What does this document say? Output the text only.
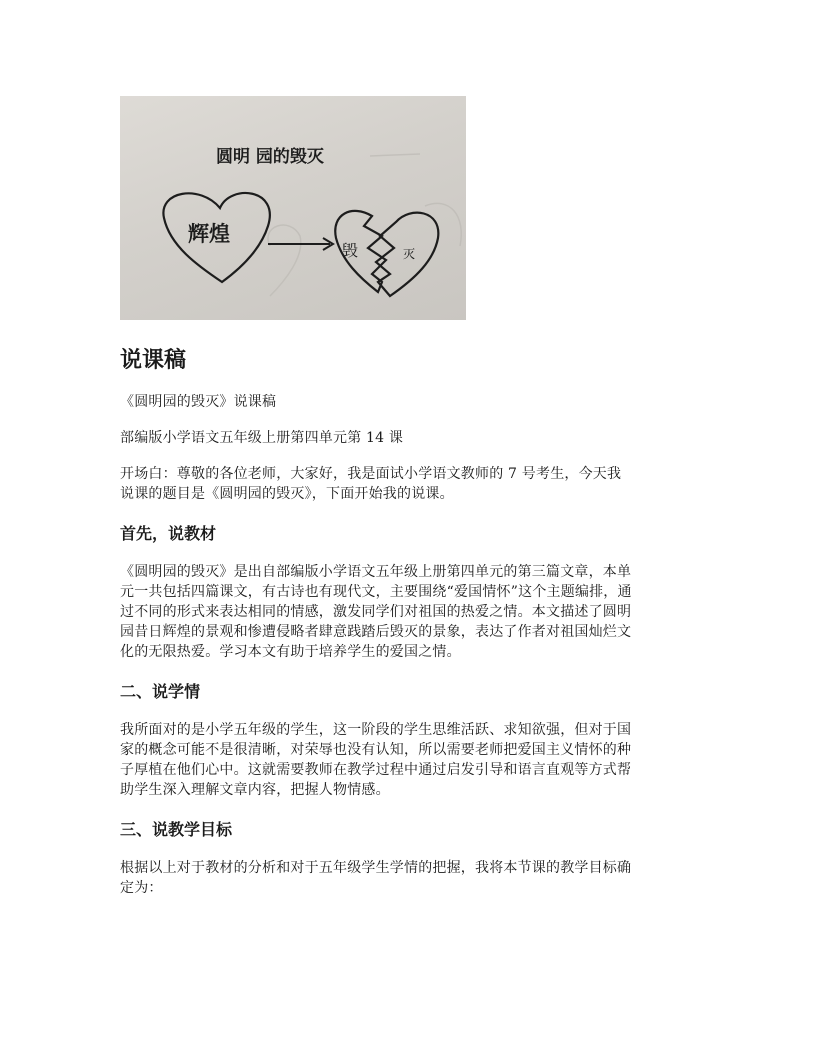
圆明 园的毁灭
辉煌
毁	灭
说课稿

《圆明园的毁灭》说课稿

部编版小学语文五年级上册第四单元第 14 课

开场白：尊敬的各位老师，大家好，我是面试小学语文教师的 7 号考生，今天我

说课的题目是《圆明园的毁灭》，下面开始我的说课。

首先，说教材

《圆明园的毁灭》是出自部编版小学语文五年级上册第四单元的第三篇文章，本单

元一共包括四篇课文，有古诗也有现代文，主要围绕“爱国情怀”这个主题编排，通

过不同的形式来表达相同的情感，激发同学们对祖国的热爱之情。本文描述了圆明

园昔日辉煌的景观和惨遭侵略者肆意践踏后毁灭的景象，表达了作者对祖国灿烂文

化的无限热爱。学习本文有助于培养学生的爱国之情。

二、说学情

我所面对的是小学五年级的学生，这一阶段的学生思维活跃、求知欲强，但对于国

家的概念可能不是很清晰，对荣辱也没有认知，所以需要老师把爱国主义情怀的种

子厚植在他们心中。这就需要教师在教学过程中通过启发引导和语言直观等方式帮

助学生深入理解文章内容，把握人物情感。

三、说教学目标

根据以上对于教材的分析和对于五年级学生学情的把握，我将本节课的教学目标确

定为：
